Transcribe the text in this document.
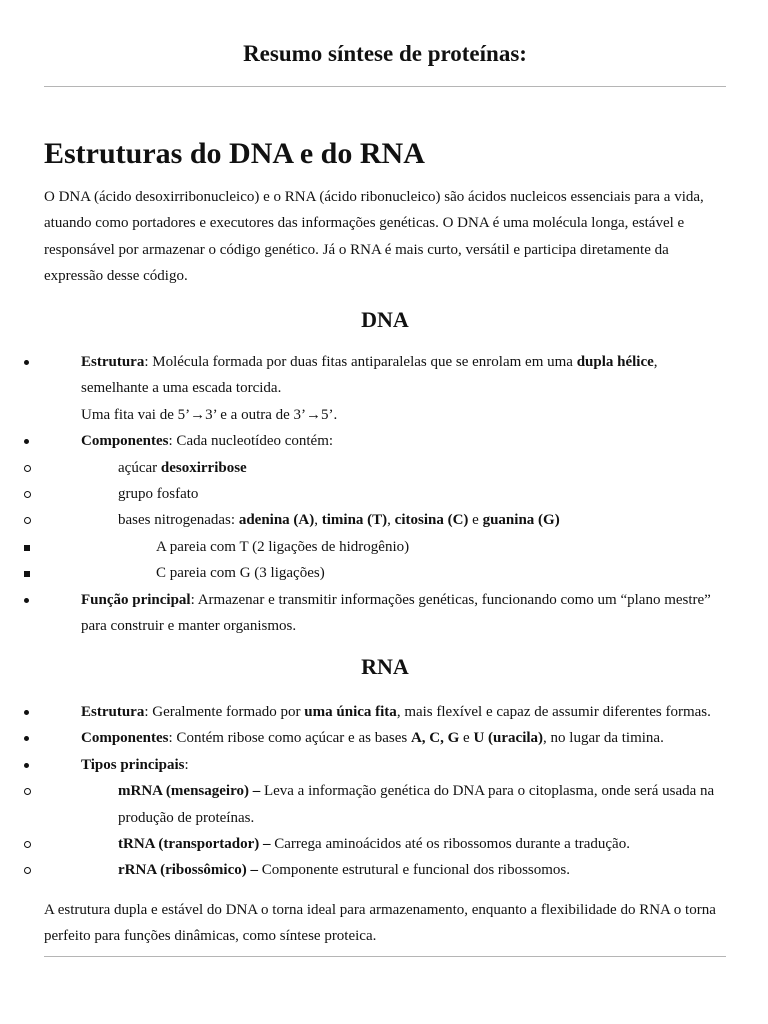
Resumo síntese de proteínas:
Estruturas do DNA e do RNA

O DNA (ácido desoxirribonucleico) e o RNA (ácido ribonucleico) são ácidos nucleicos essenciais para a vida, atuando como portadores e executores das informações genéticas. O DNA é uma molécula longa, estável e responsável por armazenar o código genético. Já o RNA é mais curto, versátil e participa diretamente da expressão desse código.

DNA
Estrutura: Molécula formada por duas fitas antiparalelas que se enrolam em uma dupla hélice,
semelhante a uma escada torcida.
Uma fita vai de 5’→3’ e a outra de 3’→5’.
Componentes: Cada nucleotídeo contém:
açúcar desoxirribose
grupo fosfato
bases nitrogenadas: adenina (A), timina (T), citosina (C) e guanina (G)
A pareia com T (2 ligações de hidrogênio)
C pareia com G (3 ligações)
Função principal: Armazenar e transmitir informações genéticas, funcionando como um “plano mestre”
para construir e manter organismos.
RNA
Estrutura: Geralmente formado por uma única fita, mais flexível e capaz de assumir diferentes formas.
Componentes: Contém ribose como açúcar e as bases A, C, G e U (uracila), no lugar da timina.
Tipos principais:
mRNA (mensageiro) – Leva a informação genética do DNA para o citoplasma, onde será usada na
produção de proteínas.
tRNA (transportador) – Carrega aminoácidos até os ribossomos durante a tradução.
rRNA (ribossômico) – Componente estrutural e funcional dos ribossomos.

A estrutura dupla e estável do DNA o torna ideal para armazenamento, enquanto a flexibilidade do RNA o torna perfeito para funções dinâmicas, como síntese proteica.
